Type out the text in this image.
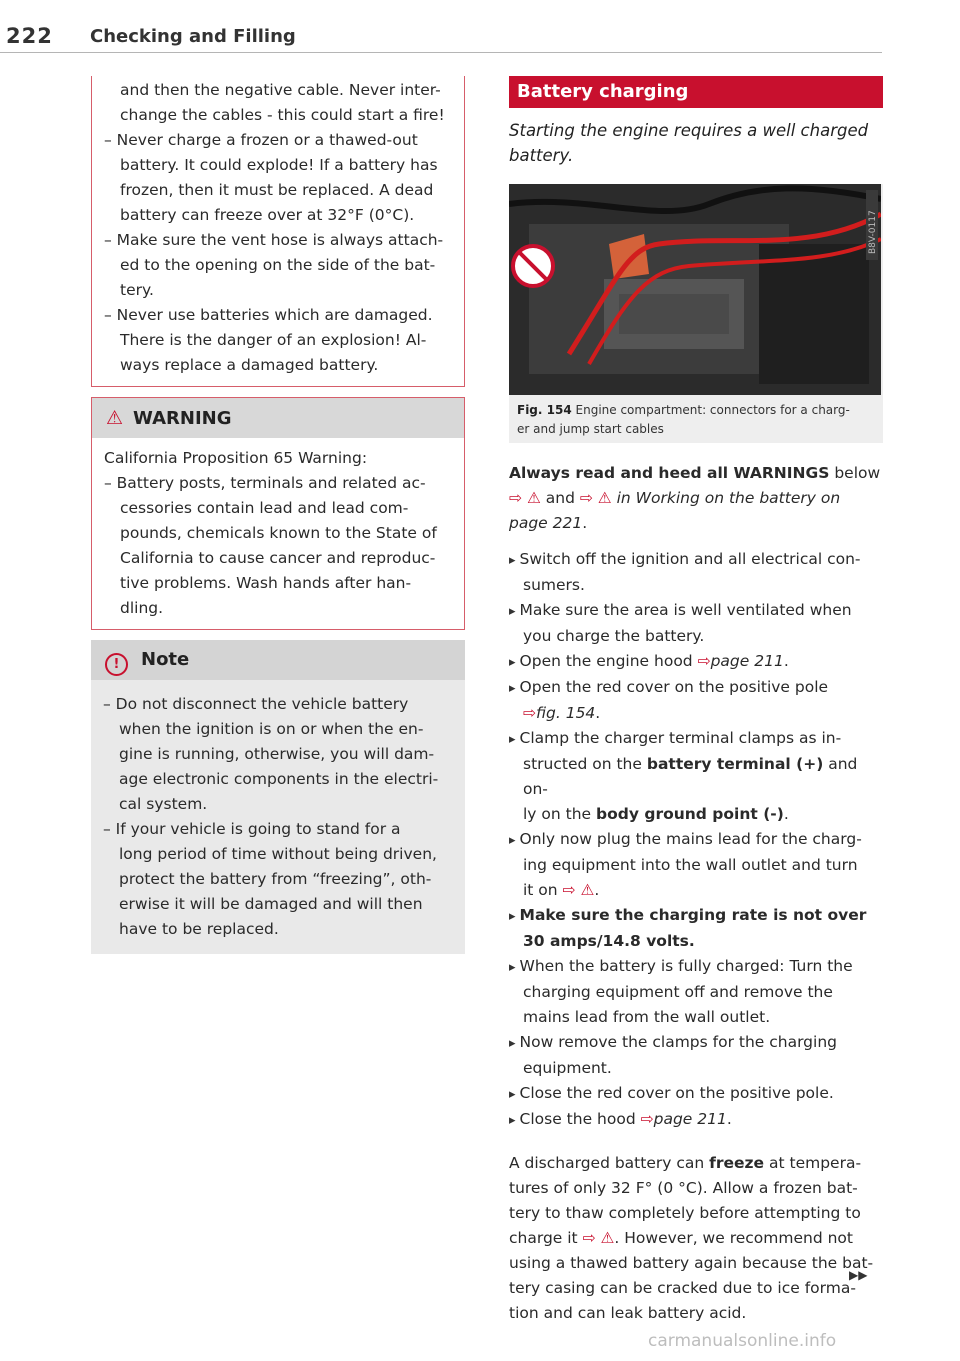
222 Checking and Filling
and then the negative cable. Never inter-
change the cables - this could start a fire!
– Never charge a frozen or a thawed-out
battery. It could explode! If a battery has
frozen, then it must be replaced. A dead
battery can freeze over at 32°F (0°C).
– Make sure the vent hose is always attach-
ed to the opening on the side of the bat-
tery.
– Never use batteries which are damaged.
There is the danger of an explosion! Al-
ways replace a damaged battery.
⚠ WARNING
California Proposition 65 Warning:
– Battery posts, terminals and related ac-
cessories contain lead and lead com-
pounds, chemicals known to the State of
California to cause cancer and reproduc-
tive problems. Wash hands after han-
dling.
! Note
– Do not disconnect the vehicle battery
when the ignition is on or when the en-
gine is running, otherwise, you will dam-
age electronic components in the electri-
cal system.
– If your vehicle is going to stand for a
long period of time without being driven,
protect the battery from “freezing”, oth-
erwise it will be damaged and will then
have to be replaced.
Battery charging
Starting the engine requires a well charged
battery.
B8V-0117
Fig. 154 Engine compartment: connectors for a charg-
er and jump start cables
Always read and heed all WARNINGS below
⇨ ⚠ and ⇨ ⚠ in Working on the battery on
page 221.
▸ Switch off the ignition and all electrical con-
sumers.
▸ Make sure the area is well ventilated when
you charge the battery.
▸ Open the engine hood ⇨page 211.
▸ Open the red cover on the positive pole
⇨fig. 154.
▸ Clamp the charger terminal clamps as in-
structed on the battery terminal (+) and on-
ly on the body ground point (-).
▸ Only now plug the mains lead for the charg-
ing equipment into the wall outlet and turn
it on ⇨ ⚠.
▸ Make sure the charging rate is not over
30 amps/14.8 volts.
▸ When the battery is fully charged: Turn the
charging equipment off and remove the
mains lead from the wall outlet.
▸ Now remove the clamps for the charging
equipment.
▸ Close the red cover on the positive pole.
▸ Close the hood ⇨page 211.
A discharged battery can freeze at tempera-
tures of only 32 F° (0 °C). Allow a frozen bat-
tery to thaw completely before attempting to
charge it ⇨ ⚠. However, we recommend not
using a thawed battery again because the bat-
tery casing can be cracked due to ice forma-
tion and can leak battery acid.
▶▶
carmanualsonline.info
